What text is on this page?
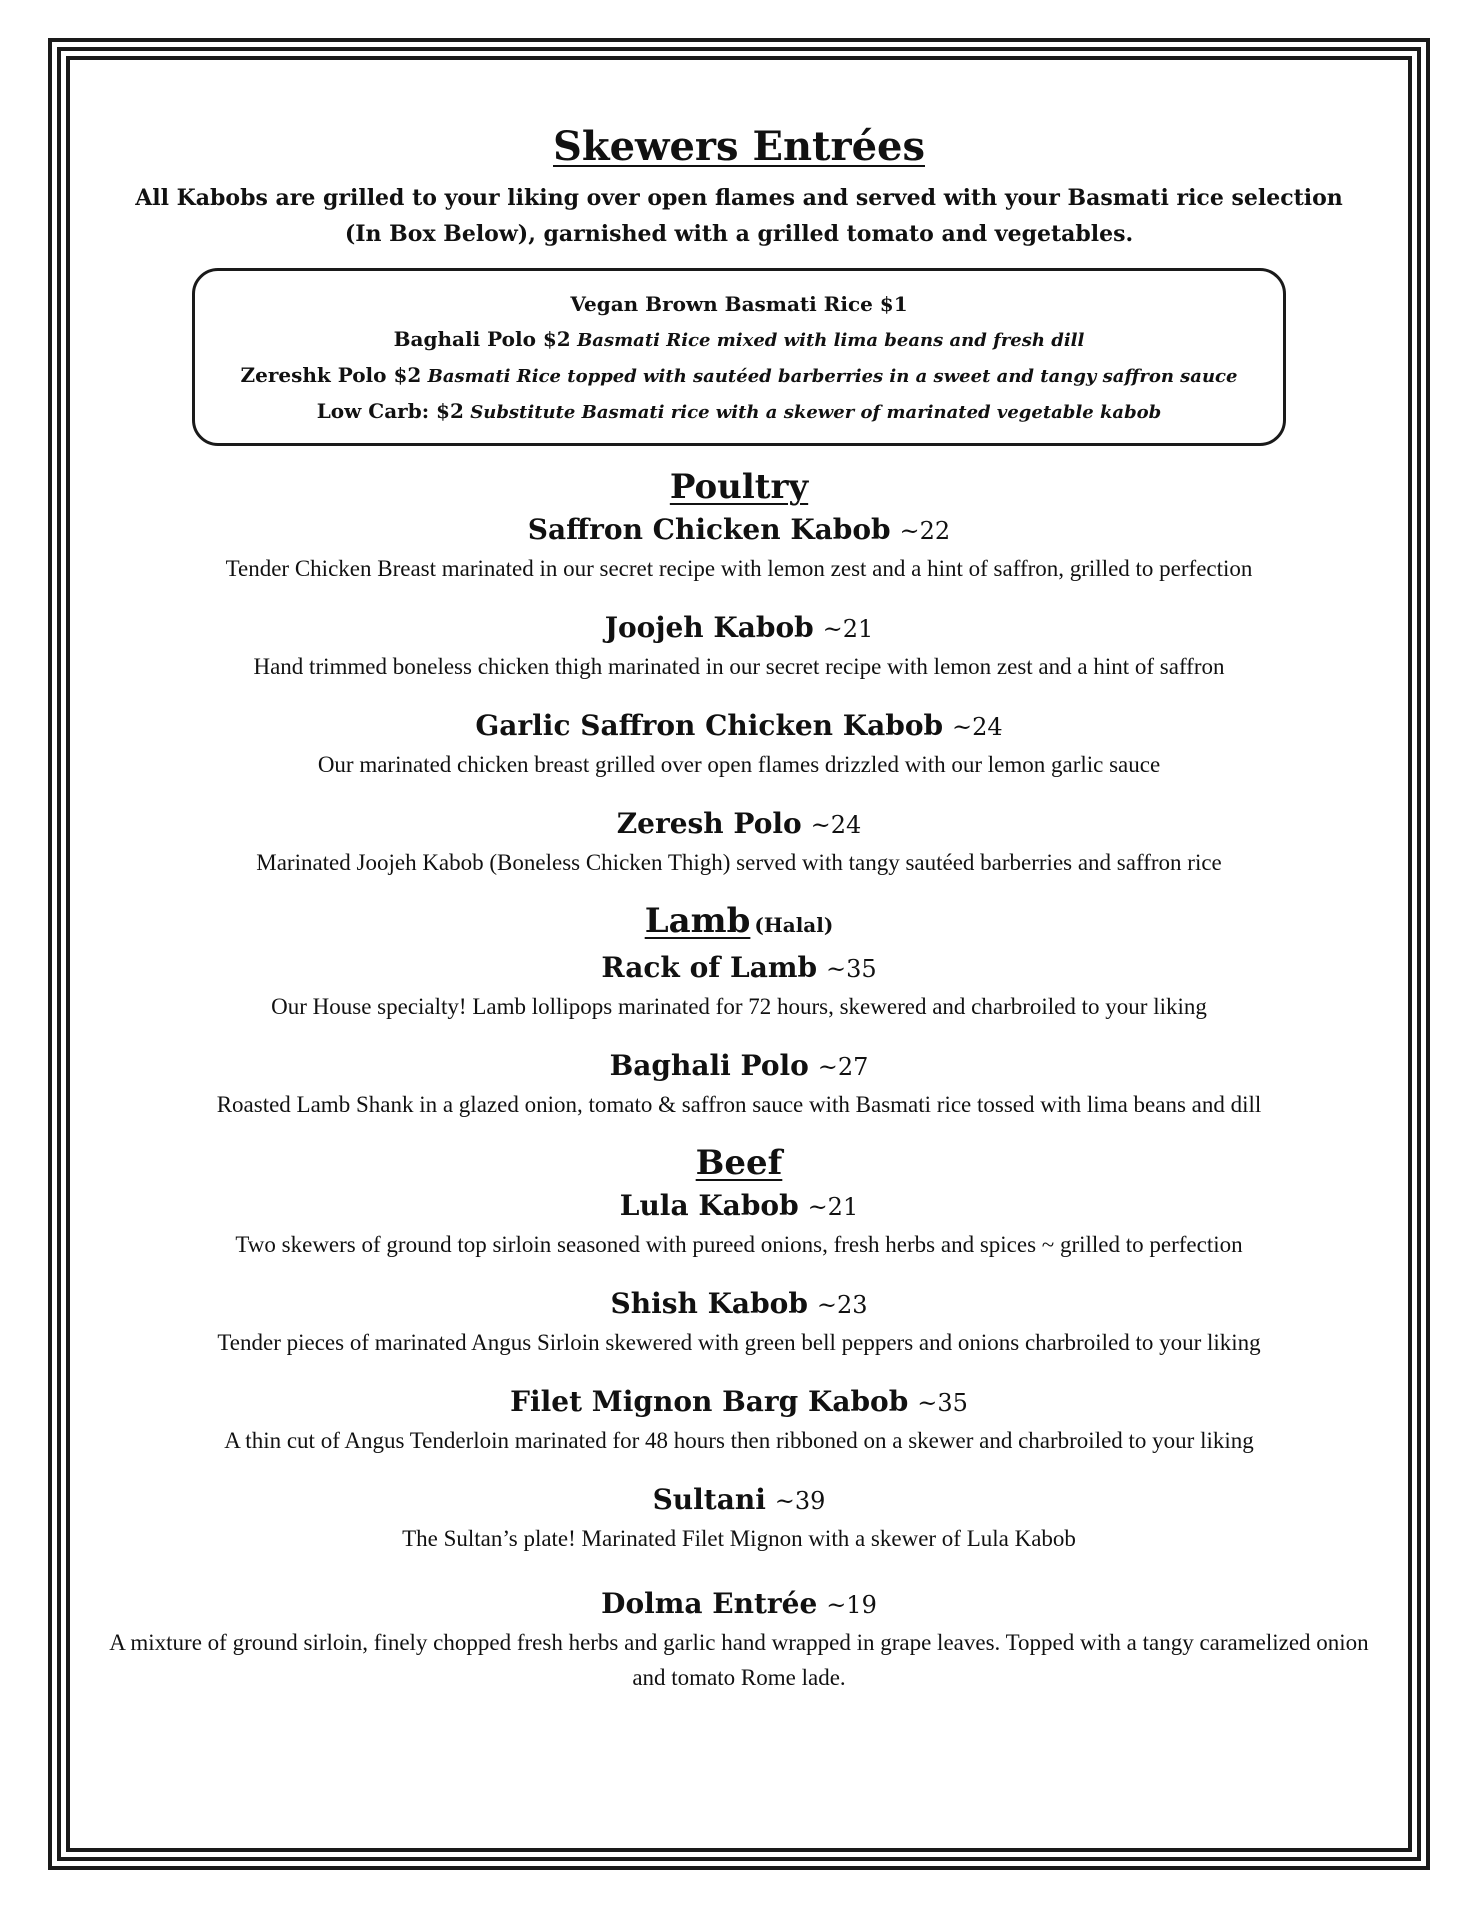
Skewers Entrées
All Kabobs are grilled to your liking over open flames and served with your Basmati rice selection
(In Box Below), garnished with a grilled tomato and vegetables.
Vegan Brown Basmati Rice $1
Baghali Polo $2 Basmati Rice mixed with lima beans and fresh dill
Zereshk Polo $2 Basmati Rice topped with sautéed barberries in a sweet and tangy saffron sauce
Low Carb: $2 Substitute Basmati rice with a skewer of marinated vegetable kabob
Poultry
Saffron Chicken Kabob ~22
Tender Chicken Breast marinated in our secret recipe with lemon zest and a hint of saffron, grilled to perfection
Joojeh Kabob ~21
Hand trimmed boneless chicken thigh marinated in our secret recipe with lemon zest and a hint of saffron
Garlic Saffron Chicken Kabob ~24
Our marinated chicken breast grilled over open flames drizzled with our lemon garlic sauce
Zeresh Polo ~24
Marinated Joojeh Kabob (Boneless Chicken Thigh) served with tangy sautéed barberries and saffron rice
Lamb (Halal)
Rack of Lamb ~35
Our House specialty! Lamb lollipops marinated for 72 hours, skewered and charbroiled to your liking
Baghali Polo ~27
Roasted Lamb Shank in a glazed onion, tomato & saffron sauce with Basmati rice tossed with lima beans and dill
Beef
Lula Kabob ~21
Two skewers of ground top sirloin seasoned with pureed onions, fresh herbs and spices ~ grilled to perfection
Shish Kabob ~23
Tender pieces of marinated Angus Sirloin skewered with green bell peppers and onions charbroiled to your liking
Filet Mignon Barg Kabob ~35
A thin cut of Angus Tenderloin marinated for 48 hours then ribboned on a skewer and charbroiled to your liking
Sultani ~39
The Sultan’s plate! Marinated Filet Mignon with a skewer of Lula Kabob
Dolma Entrée ~19
A mixture of ground sirloin, finely chopped fresh herbs and garlic hand wrapped in grape leaves. Topped with a tangy caramelized onion and tomato Rome lade.
